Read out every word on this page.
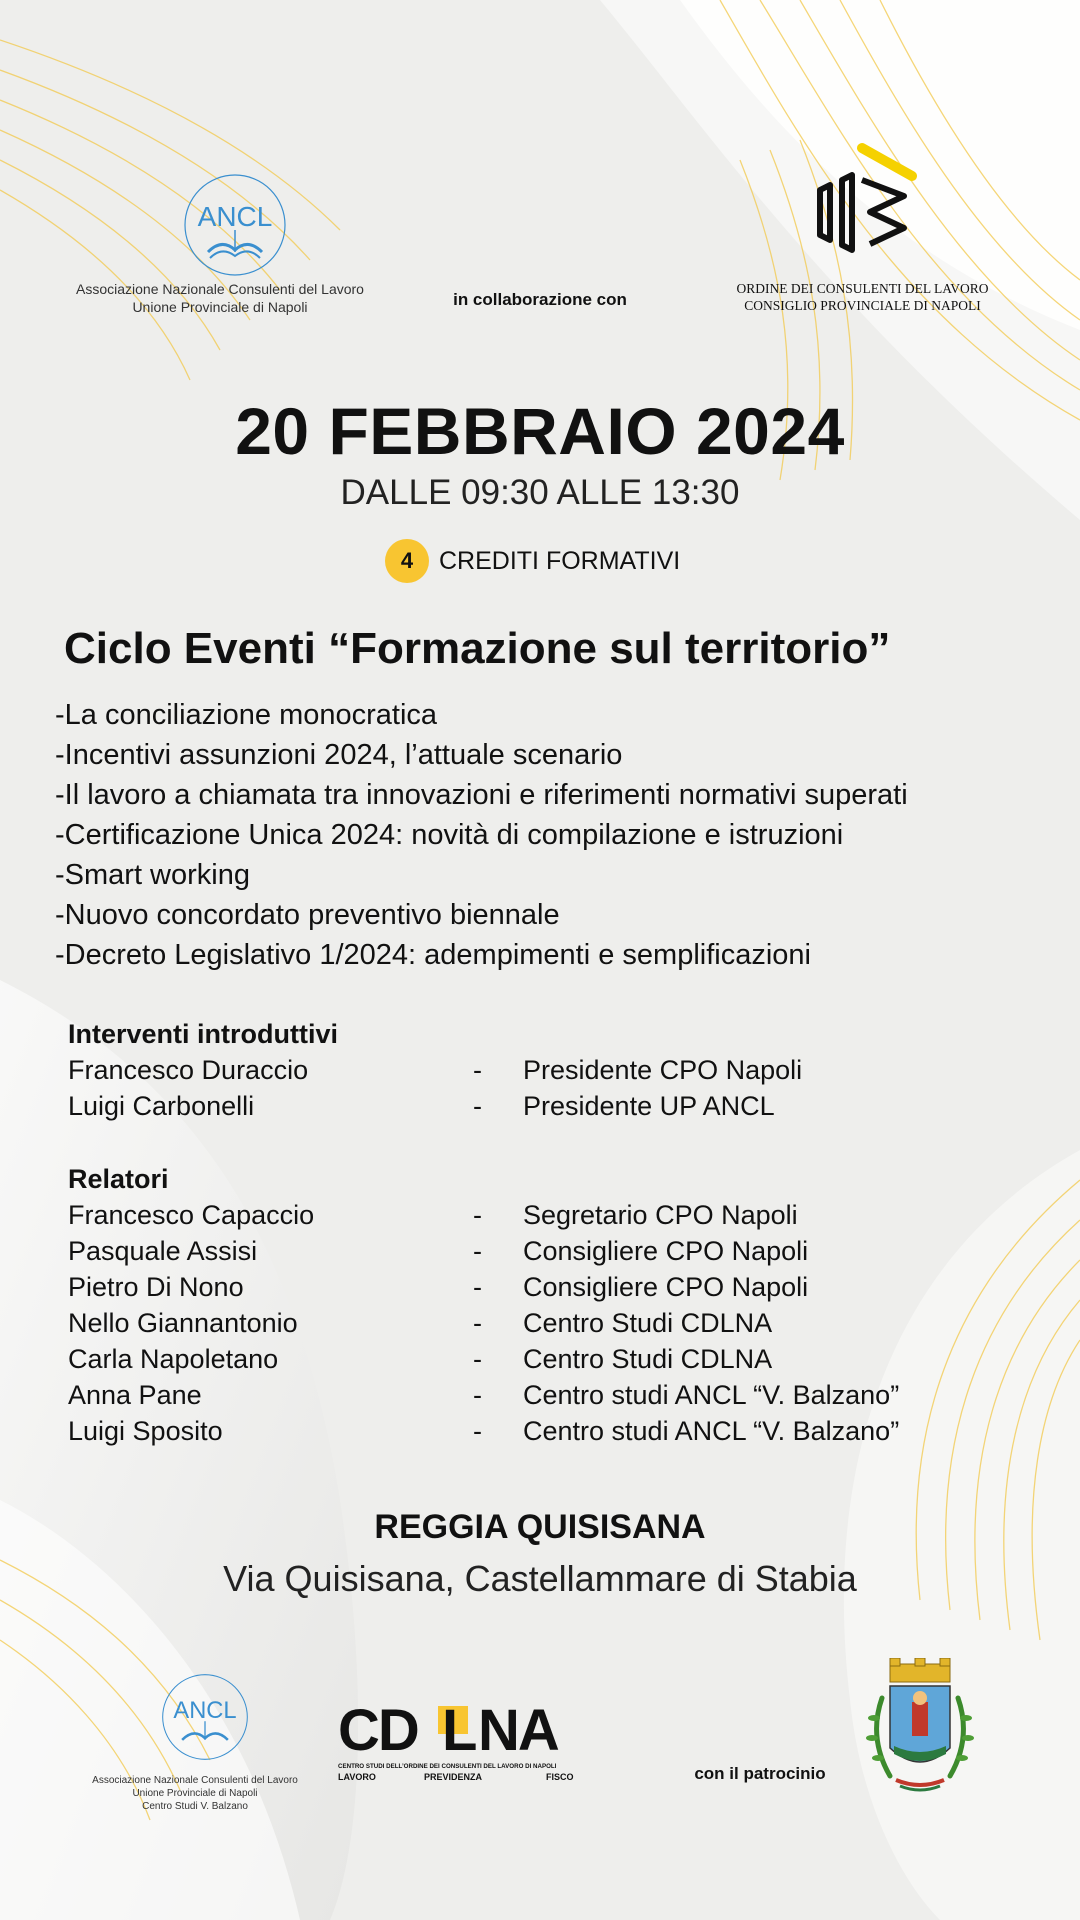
ANCL
Associazione Nazionale Consulenti del Lavoro
Unione Provinciale di Napoli	in collaborazione con
ORDINE DEI CONSULENTI DEL LAVORO
CONSIGLIO PROVINCIALE DI NAPOLI
20 FEBBRAIO 2024
DALLE 09:30 ALLE 13:30
4	CREDITI FORMATIVI
Ciclo Eventi “Formazione sul territorio”
-La conciliazione monocratica
-Incentivi assunzioni 2024, l’attuale scenario
-Il lavoro a chiamata tra innovazioni e riferimenti normativi superati
-Certificazione Unica 2024: novità di compilazione e istruzioni
-Smart working
-Nuovo concordato preventivo biennale
-Decreto Legislativo 1/2024: adempimenti e semplificazioni
Interventi introduttivi
Francesco Duraccio	-	Presidente CPO Napoli
Luigi Carbonelli	-	Presidente UP ANCL
Relatori
Francesco Capaccio	-	Segretario CPO Napoli
Pasquale Assisi	-	Consigliere CPO Napoli
Pietro Di Nono	-	Consigliere CPO Napoli
Nello Giannantonio	-	Centro Studi CDLNA
Carla Napoletano	-	Centro Studi CDLNA
Anna Pane	-	Centro studi ANCL “V. Balzano”
Luigi Sposito	-	Centro studi ANCL “V. Balzano”
REGGIA QUISISANA
Via Quisisana, Castellammare di Stabia
ANCL
Associazione Nazionale Consulenti del Lavoro
Unione Provinciale di Napoli
Centro Studi V. Balzano
CD L NA
CENTRO STUDI DELL’ORDINE DEI CONSULENTI DEL LAVORO DI NAPOLI
LAVORO	PREVIDENZA	FISCO	con il patrocinio
